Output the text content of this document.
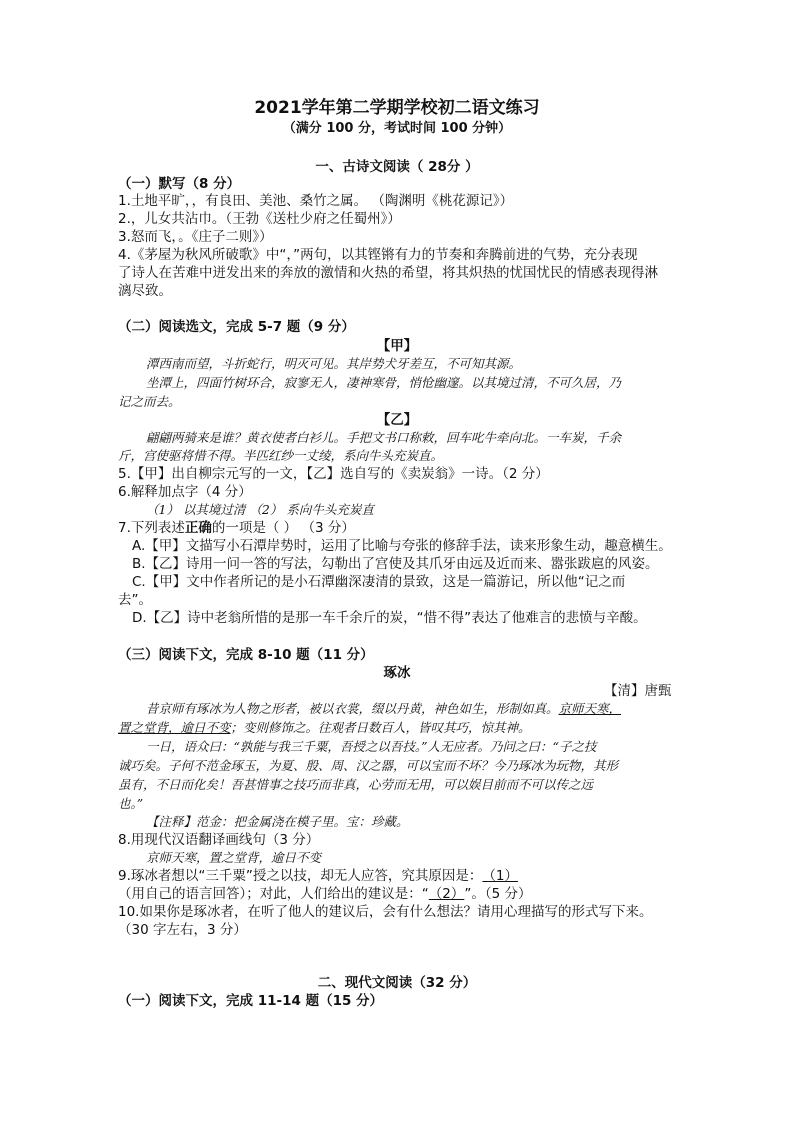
2021学年第二学期学校初二语文练习
（满分 100 分，考试时间 100 分钟）
一、古诗文阅读（ 28分 ）
（一）默写（8 分）
1.土地平旷，，有良田、美池、桑竹之属。 （陶渊明《桃花源记》）
2.，儿女共沾巾。（王勃《送杜少府之任蜀州》）
3.怒而飞，。《庄子二则》）
4.《茅屋为秋风所破歌》中“，”两句，以其铿锵有力的节奏和奔腾前进的气势，充分表现
了诗人在苦难中迸发出来的奔放的激情和火热的希望，将其炽热的忧国忧民的情感表现得淋
漓尽致。
（二）阅读选文，完成 5-7 题（9 分）
【甲】
潭西南而望，斗折蛇行，明灭可见。其岸势犬牙差互，不可知其源。
坐潭上，四面竹树环合，寂寥无人，凄神寒骨，悄怆幽邃。以其境过清，不可久居，乃
记之而去。
【乙】
翩翩两骑来是谁？黄衣使者白衫儿。手把文书口称敕，回车叱牛牵向北。一车炭，千余
斤，宫使驱将惜不得。半匹红纱一丈绫，系向牛头充炭直。
5.【甲】出自柳宗元写的一文，【乙】选自写的《卖炭翁》一诗。（2 分）
6.解释加点字（4 分）
（1） 以其境过清 （2） 系向牛头充炭直
7.下列表述正确的一项是（ ） （3 分）
A.【甲】文描写小石潭岸势时，运用了比喻与夸张的修辞手法，读来形象生动，趣意横生。
B.【乙】诗用一问一答的写法，勾勒出了宫使及其爪牙由远及近而来、嚣张跋扈的风姿。
C.【甲】文中作者所记的是小石潭幽深凄清的景致，这是一篇游记，所以他“记之而
去”。
D.【乙】诗中老翁所惜的是那一车千余斤的炭，“惜不得”表达了他难言的悲愤与辛酸。
（三）阅读下文，完成 8-10 题（11 分）
琢冰
【清】唐甄
昔京师有琢冰为人物之形者，被以衣裳，缀以丹黄，神色如生，形制如真。京师天寒，
置之堂背，逾日不变；变则修饰之。往观者日数百人，皆叹其巧，惊其神。
一日，语众曰：“孰能与我三千粟，吾授之以吾技。”人无应者。乃问之曰：“子之技
诚巧矣。子何不范金琢玉，为夏、殷、周、汉之器，可以宝而不坏？今乃琢冰为玩物，其形
虽有，不日而化矣！吾甚惜事之技巧而非真，心劳而无用，可以娱目前而不可以传之远
也。”
【注释】范金：把金属浇在模子里。宝：珍藏。
8.用现代汉语翻译画线句（3 分）
京师天寒，置之堂背，逾日不变
9.琢冰者想以“三千粟”授之以技，却无人应答，究其原因是：（1）
（用自己的语言回答）；对此，人们给出的建议是：“（2）”。（5 分）
10.如果你是琢冰者，在听了他人的建议后，会有什么想法？请用心理描写的形式写下来。
（30 字左右，3 分）
二、现代文阅读（32 分）
（一）阅读下文，完成 11-14 题（15 分）
